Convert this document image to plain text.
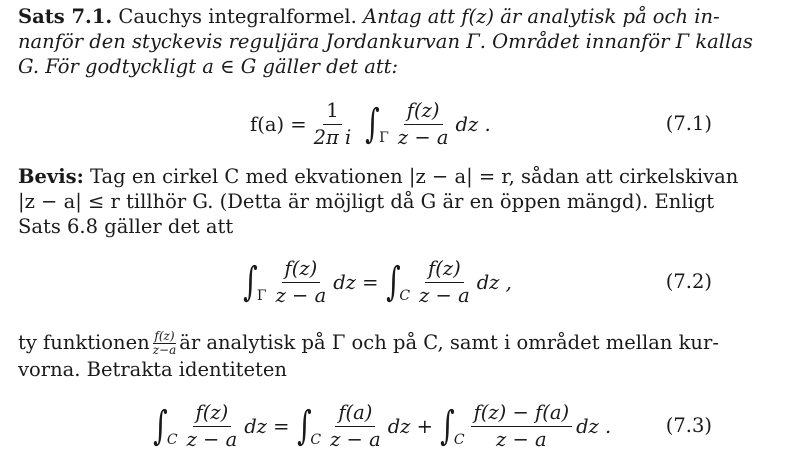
Sats 7.1. Cauchys integralformel. Antag att f(z) är analytisk på och in-
nanför den styckevis reguljära Jordankurvan Γ. Området innanför Γ kallas
G. För godtyckligt a ∈ G gäller det att:
$f(a) = \frac{1}{\text{2π i}}$ ∫ Γ $\frac{f(z)}{z - a}$ dz .	(7.1)
Bevis: Tag en cirkel C med ekvationen |z − a| = r, sådan att cirkelskivan
|z − a| ≤ r tillhör G. (Detta är möjligt då G är en öppen mängd). Enligt
Sats 6.8 gäller det att
∫ Γ $\frac{f(z)}{z - a}$ dz = ∫ C $\frac{f(z)}{z - a}$ dz ,	(7.2)
ty funktionen $\frac{f(z)}{z-a}$ är analytisk på Γ och på C, samt i området mellan kur-
vorna. Betrakta identiteten
∫ C $\frac{f(z)}{z - a}$ dz = ∫ C $\frac{f(a)}{z - a}$ dz + ∫ C $\frac{f(z) - f(a)}{z - a}$ dz .	(7.3)
